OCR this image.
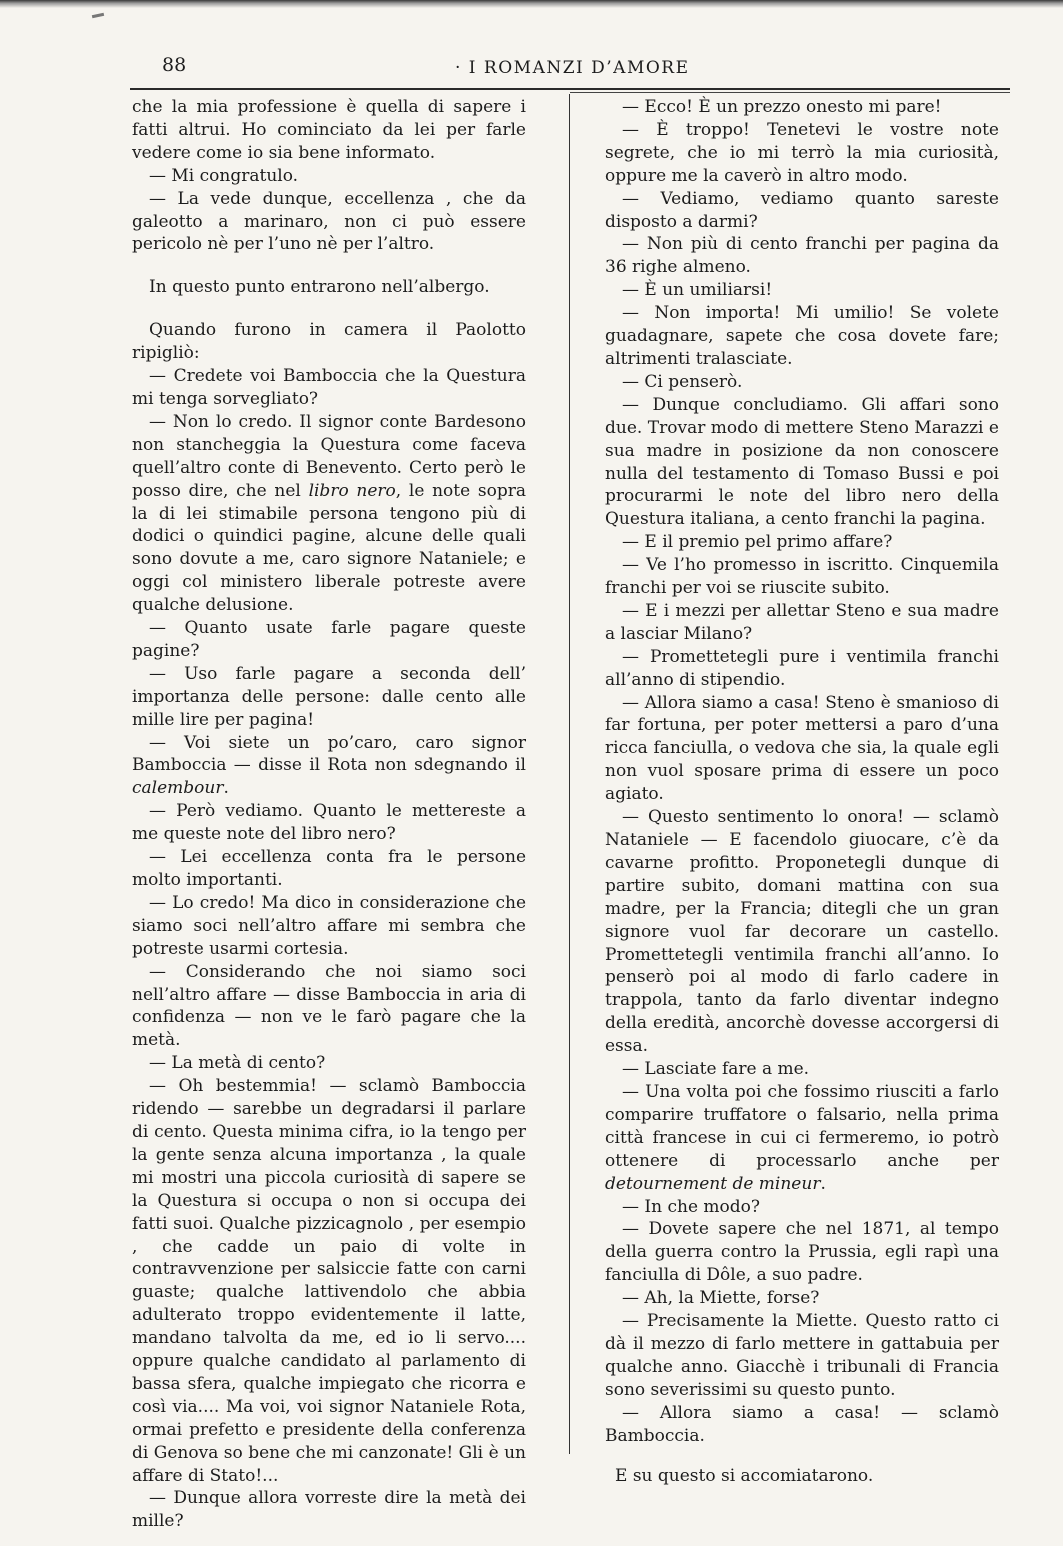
88	· I ROMANZI D’AMORE

che la mia professione è quella di sapere i fatti altrui. Ho cominciato da lei per farle vedere come io sia bene informato.

— Mi congratulo.

— La vede dunque, eccellenza , che da galeotto a marinaro, non ci può essere pericolo nè per l’uno nè per l’altro.

In questo punto entrarono nell’albergo.

Quando furono in camera il Paolotto ripigliò:

— Credete voi Bamboccia che la Questura mi tenga sorvegliato?

— Non lo credo. Il signor conte Bardesono non stancheggia la Questura come faceva quell’altro conte di Benevento. Certo però le posso dire, che nel libro nero, le note sopra la di lei stimabile persona tengono più di dodici o quindici pagine, alcune delle quali sono dovute a me, caro signore Nataniele; e oggi col ministero liberale potreste avere qualche delusione.

— Quanto usate farle pagare queste pagine?

— Uso farle pagare a seconda dell’ importanza delle persone: dalle cento alle mille lire per pagina!

— Voi siete un po’caro, caro signor Bamboccia — disse il Rota non sdegnando il calembour.

— Però vediamo. Quanto le mettereste a me queste note del libro nero?

— Lei eccellenza conta fra le persone molto importanti.

— Lo credo! Ma dico in considerazione che siamo soci nell’altro affare mi sembra che potreste usarmi cortesia.

— Considerando che noi siamo soci nell’altro affare — disse Bamboccia in aria di confidenza — non ve le farò pagare che la metà.

— La metà di cento?

— Oh bestemmia! — sclamò Bamboccia ridendo — sarebbe un degradarsi il parlare di cento. Questa minima cifra, io la tengo per la gente senza alcuna importanza , la quale mi mostri una piccola curiosità di sapere se la Questura si occupa o non si occupa dei fatti suoi. Qualche pizzicagnolo , per esempio , che cadde un paio di volte in contravvenzione per salsiccie fatte con carni guaste; qualche lattivendolo che abbia adulterato troppo evidentemente il latte, mandano talvolta da me, ed io li servo.... oppure qualche candidato al parlamento di bassa sfera, qualche impiegato che ricorra e così via.... Ma voi, voi signor Nataniele Rota, ormai prefetto e presidente della conferenza di Genova so bene che mi canzonate! Gli è un affare di Stato!...

— Dunque allora vorreste dire la metà dei mille?

— Ecco! È un prezzo onesto mi pare!

— È troppo! Tenetevi le vostre note segrete, che io mi terrò la mia curiosità, oppure me la caverò in altro modo.

— Vediamo, vediamo quanto sareste disposto a darmi?

— Non più di cento franchi per pagina da 36 righe almeno.

— È un umiliarsi!

— Non importa! Mi umilio! Se volete guadagnare, sapete che cosa dovete fare; altrimenti tralasciate.

— Ci penserò.

— Dunque concludiamo. Gli affari sono due. Trovar modo di mettere Steno Marazzi e sua madre in posizione da non conoscere nulla del testamento di Tomaso Bussi e poi procurarmi le note del libro nero della Questura italiana, a cento franchi la pagina.

— E il premio pel primo affare?

— Ve l’ho promesso in iscritto. Cinquemila franchi per voi se riuscite subito.

— E i mezzi per allettar Steno e sua madre a lasciar Milano?

— Promettetegli pure i ventimila franchi all’anno di stipendio.

— Allora siamo a casa! Steno è smanioso di far fortuna, per poter mettersi a paro d’una ricca fanciulla, o vedova che sia, la quale egli non vuol sposare prima di essere un poco agiato.

— Questo sentimento lo onora! — sclamò Nataniele — E facendolo giuocare, c’è da cavarne profitto. Proponetegli dunque di partire subito, domani mattina con sua madre, per la Francia; ditegli che un gran signore vuol far decorare un castello. Promettetegli ventimila franchi all’anno. Io penserò poi al modo di farlo cadere in trappola, tanto da farlo diventar indegno della eredità, ancorchè dovesse accorgersi di essa.

— Lasciate fare a me.

— Una volta poi che fossimo riusciti a farlo comparire truffatore o falsario, nella prima città francese in cui ci fermeremo, io potrò ottenere di processarlo anche per detournement de mineur.

— In che modo?

— Dovete sapere che nel 1871, al tempo della guerra contro la Prussia, egli rapì una fanciulla di Dôle, a suo padre.

— Ah, la Miette, forse?

— Precisamente la Miette. Questo ratto ci dà il mezzo di farlo mettere in gattabuia per qualche anno. Giacchè i tribunali di Francia sono severissimi su questo punto.

— Allora siamo a casa! — sclamò Bamboccia.

E su questo si accomiatarono.
